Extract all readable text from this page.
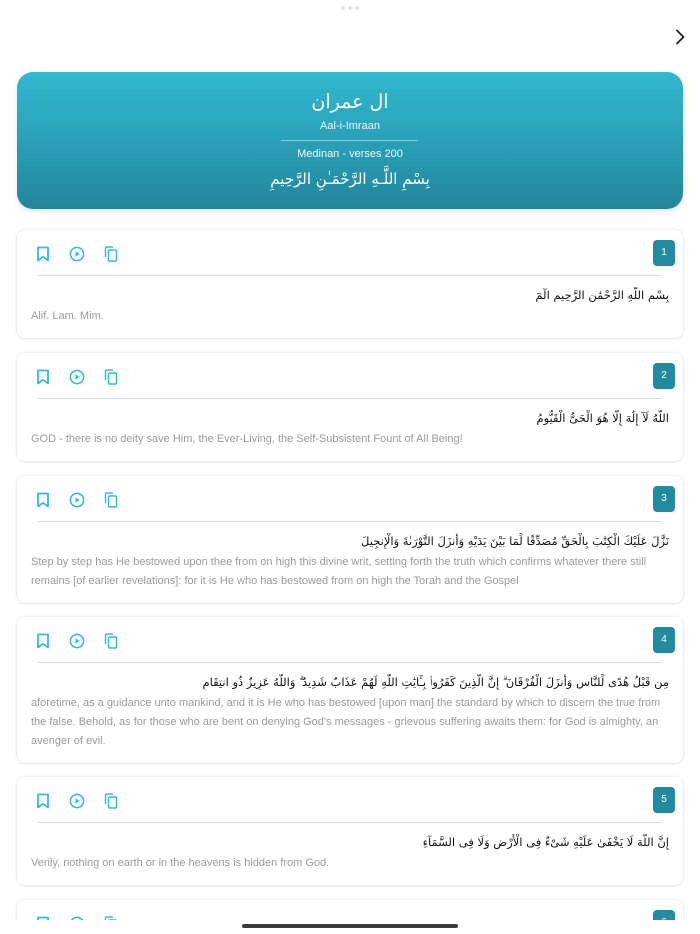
ال عمران
Aal-i-Imraan
Medinan - verses 200
بِسْمِ اللَّـهِ الرَّحْمَـٰنِ الرَّحِيمِ
1
بِسْمِ اللَّهِ الرَّحْمَٰنِ الرَّحِيمِ الٓمٓ
Alif. Lam. Mim.
2
اللَّهُ لَآ إِلَٰهَ إِلَّا هُوَ الْحَىُّ الْقَيُّومُ
GOD - there is no deity save Him, the Ever-Living, the Self-Subsistent Fount of All Being!
3
نَزَّلَ عَلَيْكَ الْكِتَٰبَ بِالْحَقِّ مُصَدِّقًا لِّمَا بَيْنَ يَدَيْهِ وَأَنزَلَ التَّوْرَىٰةَ وَالْإِنجِيلَ
Step by step has He bestowed upon thee from on high this divine writ, setting forth the truth which confirms whatever there still remains [of earlier revelations]: for it is He who has bestowed from on high the Torah and the Gospel
4
مِن قَبْلُ هُدًى لِّلنَّاسِ وَأَنزَلَ الْفُرْقَانَ ۗ إِنَّ الَّذِينَ كَفَرُوا۟ بِـَٔايَٰتِ اللَّهِ لَهُمْ عَذَابٌ شَدِيدٌ ۗ وَاللَّهُ عَزِيزٌ ذُو انتِقَامٍ
aforetime, as a guidance unto mankind, and it is He who has bestowed [upon man] the standard by which to discern the true from the false. Behold, as for those who are bent on denying God's messages - grievous suffering awaits them: for God is almighty, an avenger of evil.
5
إِنَّ اللَّهَ لَا يَخْفَىٰ عَلَيْهِ شَىْءٌ فِى الْأَرْضِ وَلَا فِى السَّمَآءِ
Verily, nothing on earth or in the heavens is hidden from God.
